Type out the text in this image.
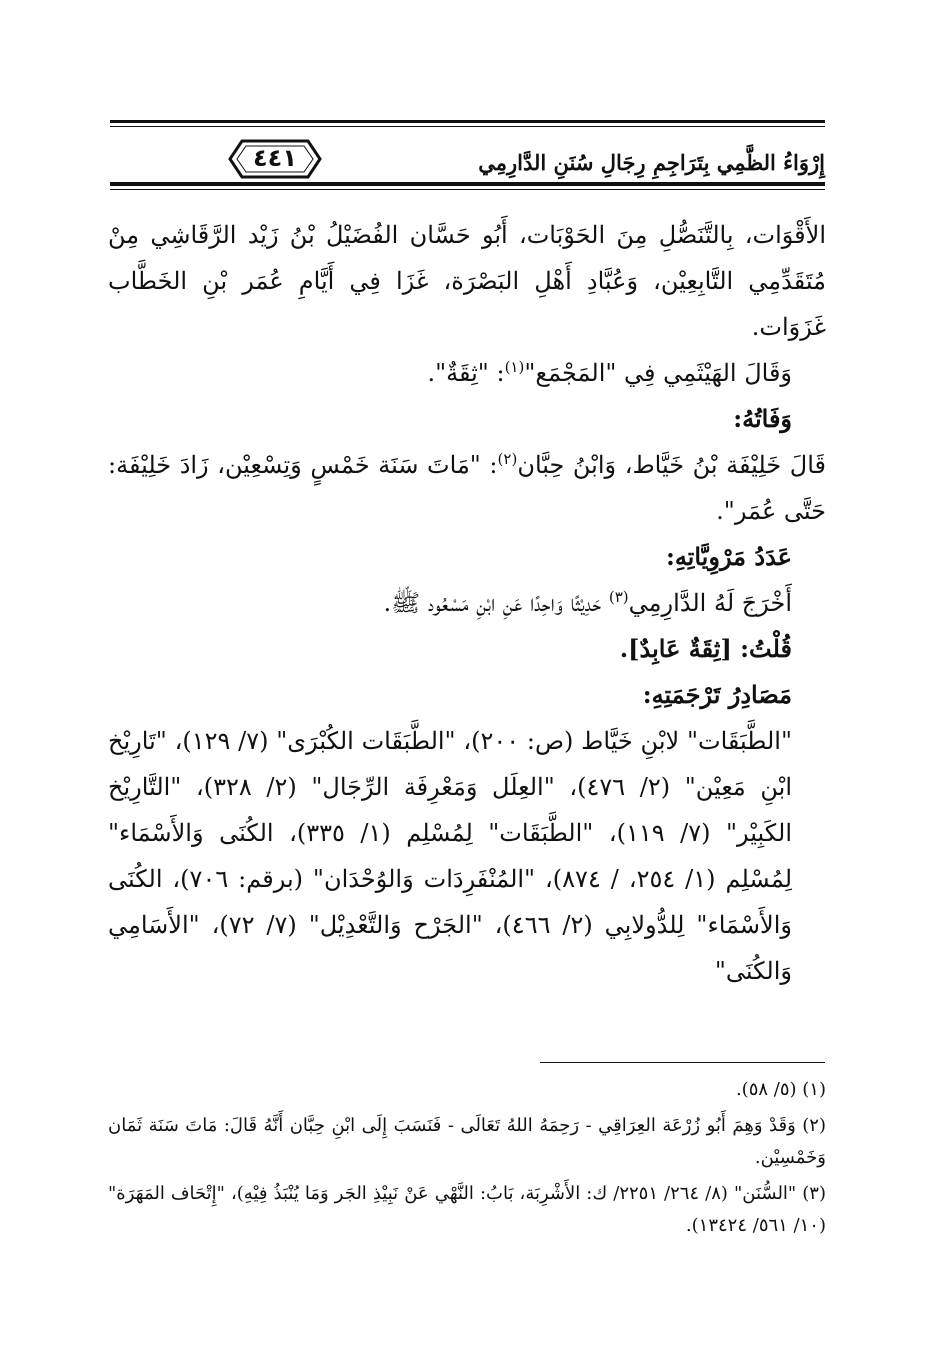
٤٤١	إِرْوَاءُ الظَّمِي بِتَرَاجِمِ رِجَالِ سُنَنِ الدَّارِمِي

الأَقْوَات، بِالتَّنَصُّلِ مِنَ الحَوْبَات، أَبُو حَسَّان الفُضَيْلُ بْنُ زَيْد الرَّقَاشِي مِنْ مُتَقَدِّمِي التَّابِعِيْن، وَعُبَّادِ أَهْلِ البَصْرَة، غَزَا فِي أَيَّامِ عُمَر بْنِ الخَطَّاب غَزَوَات.

وَقَالَ الهَيْثَمِي فِي "المَجْمَع"$^{(١)}$: "ثِقَةٌ".

وَفَاتُهُ:

قَالَ خَلِيْفَة بْنُ خَيَّاط، وَابْنُ حِبَّان$^{(٢)}$: "مَاتَ سَنَة خَمْسٍ وَتِسْعِيْن، زَادَ خَلِيْفَة: حَتَّى عُمَر".

عَدَدُ مَرْوِيَّاتِهِ:

أَخْرَجَ لَهُ الدَّارِمِي$^{(٣)}$ حَدِيْثًا وَاحِدًا عَنِ ابْنِ مَسْعُود ﷺ.

قُلْتُ: [ثِقَةٌ عَابِدٌ].

مَصَادِرُ تَرْجَمَتِهِ:

"الطَّبَقَات" لابْنِ خَيَّاط (ص: ٢٠٠)، "الطَّبَقَات الكُبْرَى" (٧/ ١٢٩)، "تَارِيْخ ابْنِ مَعِيْن" (٢/ ٤٧٦)، "العِلَل وَمَعْرِفَة الرِّجَال" (٢/ ٣٢٨)، "التَّارِيْخ الكَبِيْر" (٧/ ١١٩)، "الطَّبَقَات" لِمُسْلِم (١/ ٣٣٥)، الكُنَى وَالأَسْمَاء" لِمُسْلِم (١/ ٢٥٤، / ٨٧٤)، "المُنْفَرِدَات وَالوُحْدَان" (برقم: ٧٠٦)، الكُنَى وَالأَسْمَاء" لِلدُّولابِي (٢/ ٤٦٦)، "الجَرْح وَالتَّعْدِيْل" (٧/ ٧٢)، "الأَسَامِي وَالكُنَى"

(١) (٥/ ٥٨).

(٢) وَقَدْ وَهِمَ أَبُو زُرْعَة العِرَاقِي - رَحِمَهُ اللهُ تَعَالَى - فَنَسَبَ إِلَى ابْنِ حِبَّان أَنَّهُ قَالَ: مَاتَ سَنَة ثَمَان وَخَمْسِيْن.

(٣) "السُّنَن" (٨/ ٢٦٤/ ٢٢٥١/ ك: الأَشْرِبَة، بَابُ: النَّهْي عَنْ نَبِيْذِ الجَر وَمَا يُنْبَذُ فِيْهِ)، "إِتْحَاف المَهَرَة" (١٠/ ٥٦١/ ١٣٤٢٤).
